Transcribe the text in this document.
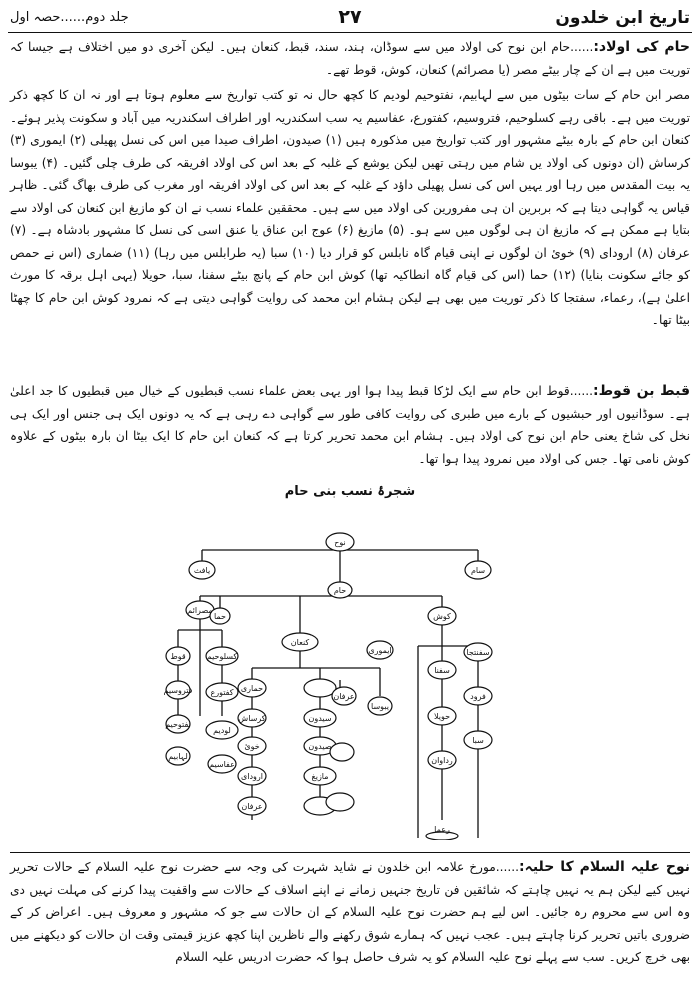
تاریخ ابن خلدون
۲۷
جلد دوم......حصہ اول
حام کی اولاد:......حام ابن نوح کی اولاد میں سے سوڈان، ہند، سند، قبط، کنعان ہیں۔ لیکن آخری دو میں اختلاف ہے جیسا کہ توریت میں ہے ان کے چار بیٹے مصر (یا مصرائم) کنعان، کوش، قوط تھے۔
مصر ابن حام کے سات بیٹوں میں سے لہابیم، نفتوحیم لودیم کا کچھ حال نہ تو کتب تواریخ سے معلوم ہوتا ہے اور نہ ان کا کچھ ذکر توریت میں ہے۔ باقی رہے کسلوحیم، فتروسیم، کفتورع، عفاسیم یہ سب اسکندریہ اور اطراف اسکندریہ میں آباد و سکونت پذیر ہوئے۔ کنعان ابن حام کے بارہ بیٹے مشہور اور کتب تواریخ میں مذکورہ ہیں (۱) صیدون، اطراف صیدا میں اس کی نسل پھیلی (۲) ایموری (۳) کرساش (ان دونوں کی اولاد یں شام میں رہتی تھیں لیکن یوشع کے غلبہ کے بعد اس کی اولاد افریقہ کی طرف چلی گئیں۔ (۴) یبوسا یہ بیت المقدس میں رہا اور یہیں اس کی نسل پھیلی داؤد کے غلبہ کے بعد اس کی اولاد افریقہ اور مغرب کی طرف بھاگ گئی۔ ظاہر قیاس یہ گواہی دیتا ہے کہ بربرین ان ہی مفرورین کی اولاد میں سے ہیں۔ محققین علماء نسب نے ان کو مازیغ ابن کنعان کی اولاد سے بتایا ہے ممکن ہے کہ مازیغ ان ہی لوگوں میں سے ہو۔ (۵) مازیغ (۶) عوج ابن عناق یا عنق اسی کی نسل کا مشہور بادشاہ ہے۔ (۷) عرفان (۸) ارودای (۹) خوئ ان لوگوں نے اپنی قیام گاہ نابلس کو قرار دیا (۱۰) سبا (یہ طرابلس میں رہا) (۱۱) ضماری (اس نے حمص کو جائے سکونت بنایا) (۱۲) حما (اس کی قیام گاہ انطاکیہ تھا) کوش ابن حام کے پانچ بیٹے سفنا، سبا، حویلا (یہی اہل برقہ کا مورث اعلیٰ ہے)، رعماء، سفتجا کا ذکر توریت میں بھی ہے لیکن ہشام ابن محمد کی روایت گواہی دیتی ہے کہ نمرود کوش ابن حام کا چھٹا بیٹا تھا۔
قبط بن قوط:......قوط ابن حام سے ایک لڑکا قبط پیدا ہوا اور یہی بعض علماء نسب قبطیوں کے خیال میں قبطیوں کا جد اعلیٰ ہے۔ سوڈانیوں اور حبشیوں کے بارے میں طبری کی روایت کافی طور سے گواہی دے رہی ہے کہ یہ دونوں ایک ہی جنس اور ایک ہی نخل کی شاخ یعنی حام ابن نوح کی اولاد ہیں۔ ہشام ابن محمد تحریر کرتا ہے کہ کنعان ابن حام کا ایک بیٹا ان بارہ بیٹوں کے علاوہ کوش نامی تھا۔ جس کی اولاد میں نمرود پیدا ہوا تھا۔
شجرۂ نسب بنی حام
نوح
سام
حام
یافث
کوش
کنعان
حما
مصرائم
سفنتجا
سفنا
فرود
حویلا
سبا
رداوان
رعما
ایموری
عرفان
یبوسا
حماری
کرساش
خوئ
ارودای
عرفان
سیدون
صیدون
مازیغ
قوط	کسلوحیم
فتروسیم کفتورع
نفتوحیم
لودیم
لہابیم
عفاسیم
نوح علیہ السلام کا حلیہ:......مورخ علامہ ابن خلدون نے شاید شہرت کی وجہ سے حضرت نوح علیہ السلام کے حالات تحریر نہیں کیے لیکن ہم یہ نہیں چاہتے کہ شائقین فن تاریخ جنہیں زمانے نے اپنے اسلاف کے حالات سے واقفیت پیدا کرنے کی مہلت نہیں دی وہ اس سے محروم رہ جائیں۔ اس لیے ہم حضرت نوح علیہ السلام کے ان حالات سے جو کہ مشہور و معروف ہیں۔ اعراض کر کے ضروری باتیں تحریر کرنا چاہتے ہیں۔ عجب نہیں کہ ہمارے شوق رکھنے والے ناظرین اپنا کچھ عزیز قیمتی وقت ان حالات کو دیکھنے میں بھی خرچ کریں۔ سب سے پہلے نوح علیہ السلام کو یہ شرف حاصل ہوا کہ حضرت ادریس علیہ السلام
